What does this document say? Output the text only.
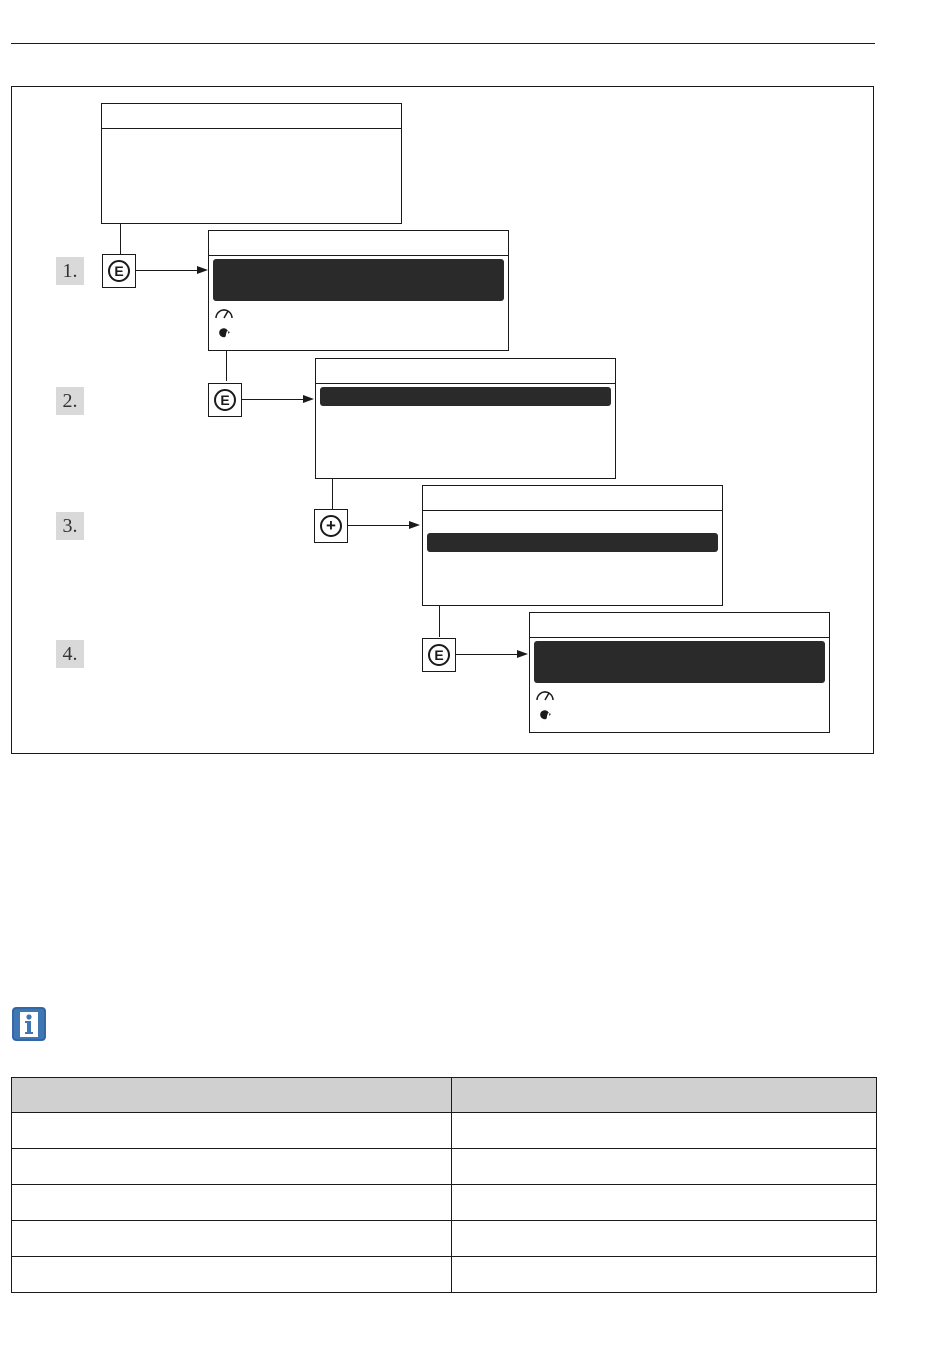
1.	E
2.	E
3.	+
4.	E
